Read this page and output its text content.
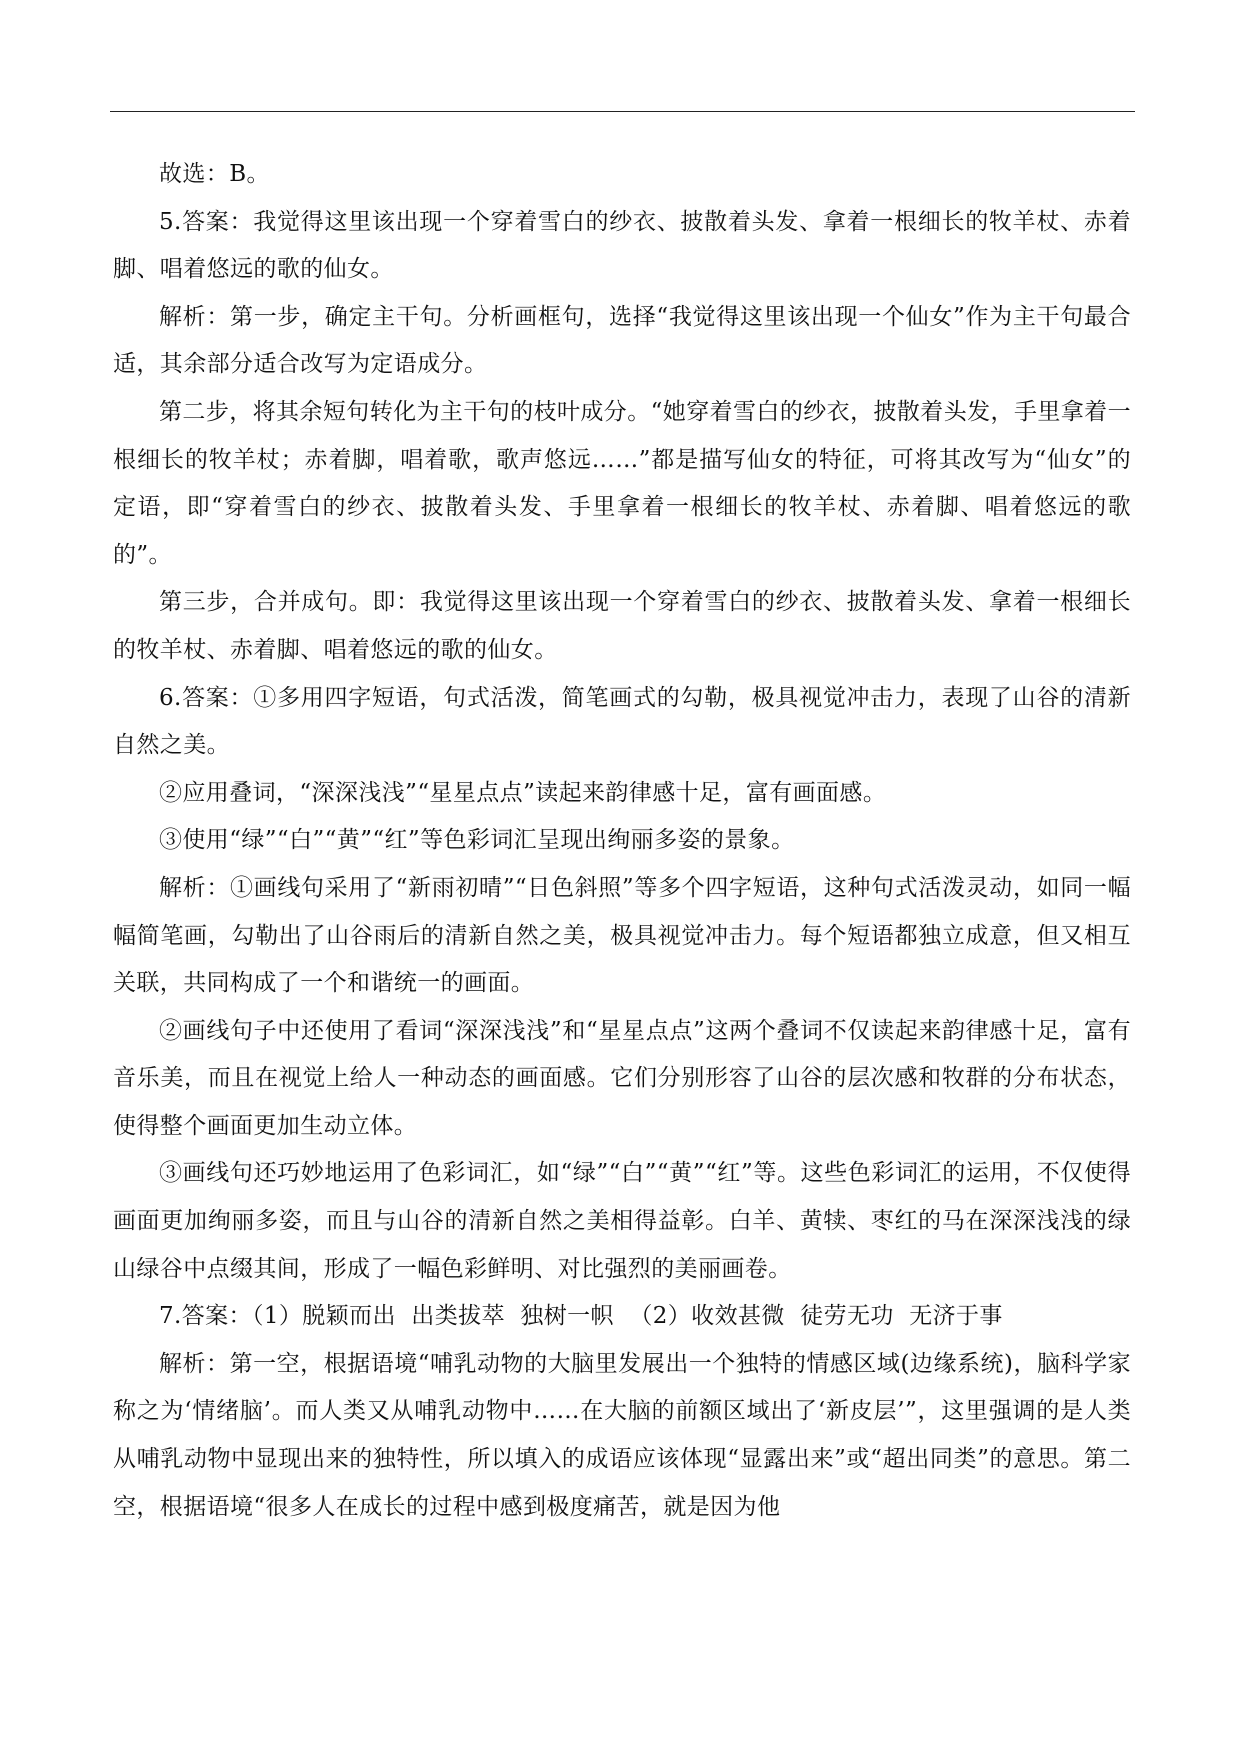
故选：B。

5.答案：我觉得这里该出现一个穿着雪白的纱衣、披散着头发、拿着一根细长的牧羊杖、赤着脚、唱着悠远的歌的仙女。

解析：第一步，确定主干句。分析画框句，选择“我觉得这里该出现一个仙女”作为主干句最合适，其余部分适合改写为定语成分。

第二步，将其余短句转化为主干句的枝叶成分。“她穿着雪白的纱衣，披散着头发，手里拿着一根细长的牧羊杖；赤着脚，唱着歌，歌声悠远……”都是描写仙女的特征，可将其改写为“仙女”的定语，即“穿着雪白的纱衣、披散着头发、手里拿着一根细长的牧羊杖、赤着脚、唱着悠远的歌的”。

第三步，合并成句。即：我觉得这里该出现一个穿着雪白的纱衣、披散着头发、拿着一根细长的牧羊杖、赤着脚、唱着悠远的歌的仙女。

6.答案：①多用四字短语，句式活泼，简笔画式的勾勒，极具视觉冲击力，表现了山谷的清新自然之美。

②应用叠词，“深深浅浅”“星星点点”读起来韵律感十足，富有画面感。

③使用“绿”“白”“黄”“红”等色彩词汇呈现出绚丽多姿的景象。

解析：①画线句采用了“新雨初晴”“日色斜照”等多个四字短语，这种句式活泼灵动，如同一幅幅简笔画，勾勒出了山谷雨后的清新自然之美，极具视觉冲击力。每个短语都独立成意，但又相互关联，共同构成了一个和谐统一的画面。

②画线句子中还使用了看词“深深浅浅”和“星星点点”这两个叠词不仅读起来韵律感十足，富有音乐美，而且在视觉上给人一种动态的画面感。它们分别形容了山谷的层次感和牧群的分布状态，使得整个画面更加生动立体。

③画线句还巧妙地运用了色彩词汇，如“绿”“白”“黄”“红”等。这些色彩词汇的运用，不仅使得画面更加绚丽多姿，而且与山谷的清新自然之美相得益彰。白羊、黄犊、枣红的马在深深浅浅的绿山绿谷中点缀其间，形成了一幅色彩鲜明、对比强烈的美丽画卷。

7.答案：（1）脱颖而出  出类拔萃  独树一帜  （2）收效甚微  徒劳无功  无济于事

解析：第一空，根据语境“哺乳动物的大脑里发展出一个独特的情感区域(边缘系统)，脑科学家称之为‘情绪脑’。而人类又从哺乳动物中……在大脑的前额区域出了‘新皮层’”，这里强调的是人类从哺乳动物中显现出来的独特性，所以填入的成语应该体现“显露出来”或“超出同类”的意思。第二空，根据语境“很多人在成长的过程中感到极度痛苦，就是因为他
